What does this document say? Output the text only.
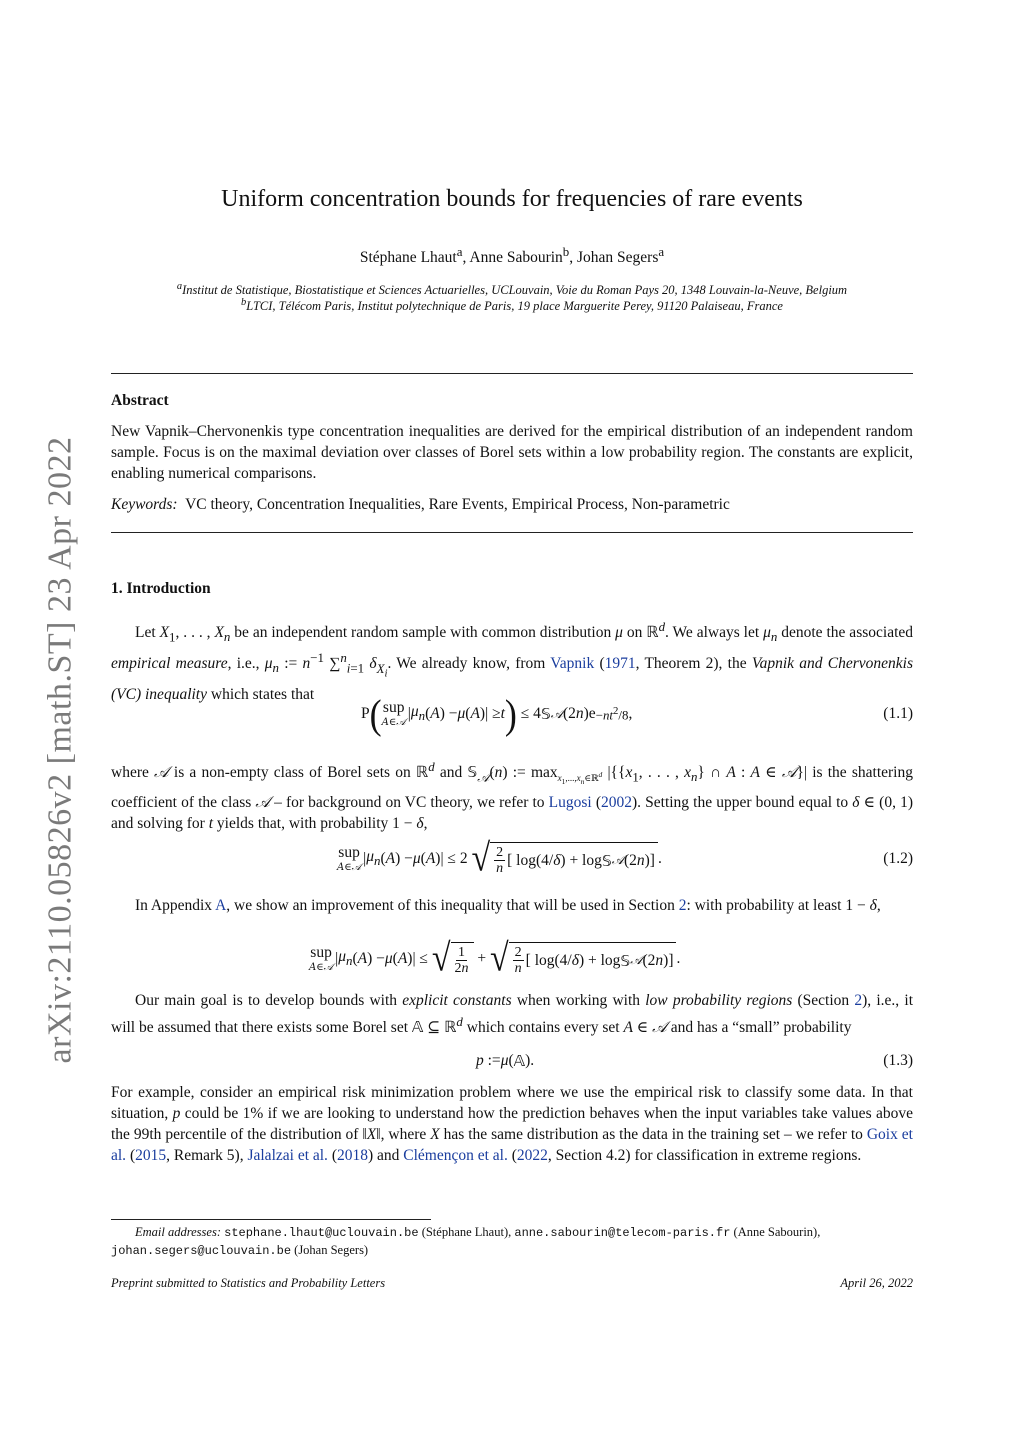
arXiv:2110.05826v2 [math.ST] 23 Apr 2022
Uniform concentration bounds for frequencies of rare events
Stéphane Lhaut$^a$, Anne Sabourin$^b$, Johan Segers$^a$
$^a$Institut de Statistique, Biostatistique et Sciences Actuarielles, UCLouvain, Voie du Roman Pays 20, 1348 Louvain-la-Neuve, Belgium
$^b$LTCI, Télécom Paris, Institut polytechnique de Paris, 19 place Marguerite Perey, 91120 Palaiseau, France
Abstract

New Vapnik–Chervonenkis type concentration inequalities are derived for the empirical distribution of an independent random sample. Focus is on the maximal deviation over classes of Borel sets within a low probability region. The constants are explicit, enabling numerical comparisons.

Keywords: VC theory, Concentration Inequalities, Rare Events, Empirical Process, Non-parametric
1. Introduction

Let $X_1$, . . . , $X_n$ be an independent random sample with common distribution μ on ℝ$^d$. We always let $\mu_n$ denote the associated empirical measure, i.e., $\mu_n$ := $n^{-1}$ ∑$^n_{i=1}$ $\delta_{X_i}$. We already know, from Vapnik (1971, Theorem 2), the Vapnik and Chervonenkis (VC) inequality which states that

P ( sup
A∈𝒜
| $\mu_n$ ( A ) − μ ( A )| ≥ t ) ≤ 4 𝕊 𝒜 (2 n )$e -nt^2/8$ ,	(1.1)

where 𝒜 is a non-empty class of Borel sets on ℝ$^d$ and 𝕊$_𝒜$(n) := $\max_{x_1,...,x_n\in ℝ^d} |\{\{x_1$, . . . , $x_n$} ∩ A : A ∈ 𝒜}| is the shattering coefficient of the class 𝒜 – for background on VC theory, we refer to Lugosi (2002). Setting the upper bound equal to δ ∈ (0, 1) and solving for t yields that, with probability 1 − δ,

sup
A∈𝒜
| $\mu_n$ ( A ) − μ ( A )| ≤ 2 √ $\frac{2}{n}$ [ log(4/ δ ) + log 𝕊 𝒜 (2 n )] .	(1.2)

In Appendix A, we show an improvement of this inequality that will be used in Section 2: with probability at least 1 − δ,

sup
A∈𝒜
| $\mu_n$ ( A ) − μ ( A )| ≤ √ $\frac{1}{2n}$ + √ $\frac{2}{n}$ [ log(4/ δ ) + log 𝕊 𝒜 (2 n )] .

Our main goal is to develop bounds with explicit constants when working with low probability regions (Section 2), i.e., it will be assumed that there exists some Borel set 𝔸 ⊆ ℝ$^d$ which contains every set A ∈ 𝒜 and has a “small” probability

p := μ ( 𝔸 ).	(1.3)

For example, consider an empirical risk minimization problem where we use the empirical risk to classify some data. In that situation, p could be 1% if we are looking to understand how the prediction behaves when the input variables take values above the 99th percentile of the distribution of ‖X‖, where X has the same distribution as the data in the training set – we refer to Goix et al. (2015, Remark 5), Jalalzai et al. (2018) and Clémençon et al. (2022, Section 4.2) for classification in extreme regions.

Email addresses: stephane.lhaut@uclouvain.be (Stéphane Lhaut), anne.sabourin@telecom-paris.fr (Anne Sabourin), johan.segers@uclouvain.be (Johan Segers)
Preprint submitted to Statistics and Probability Letters	April 26, 2022
